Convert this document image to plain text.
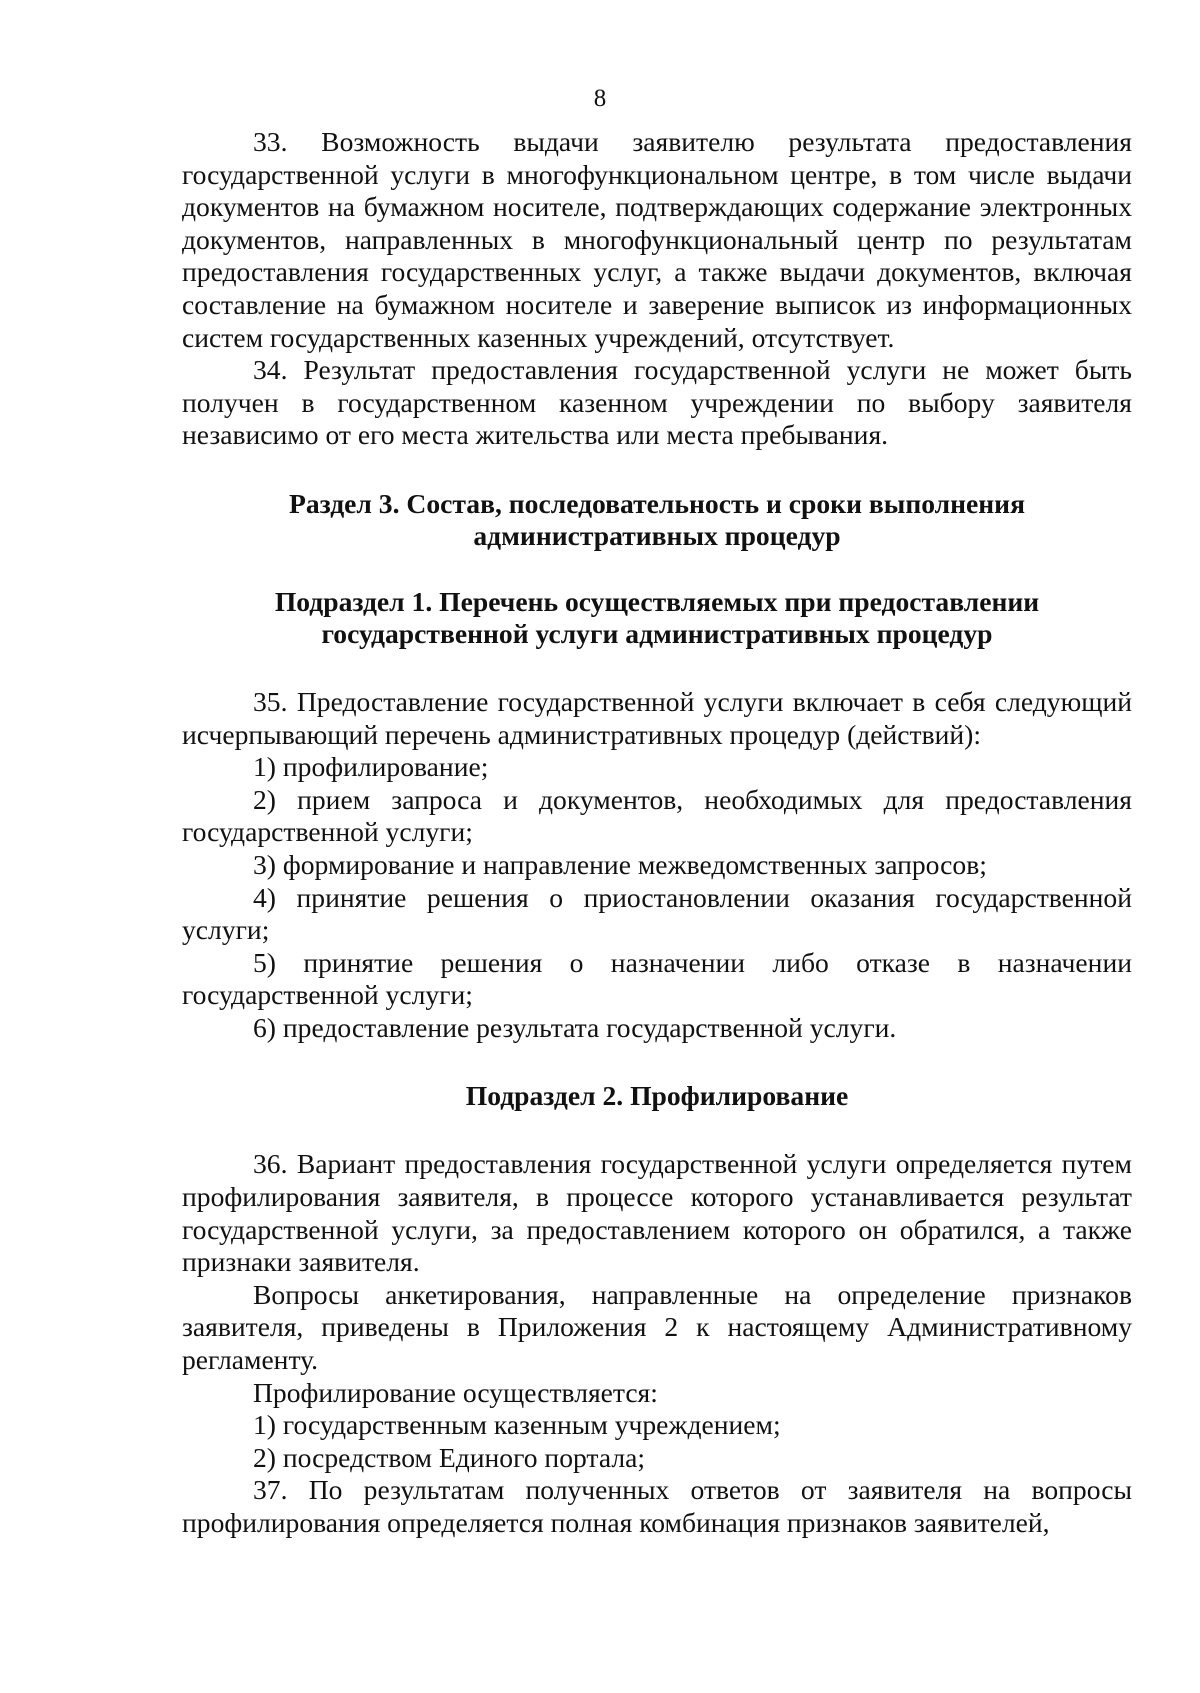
8

33. Возможность выдачи заявителю результата предоставления государственной услуги в многофункциональном центре, в том числе выдачи документов на бумажном носителе, подтверждающих содержание электронных документов, направленных в многофункциональный центр по результатам предоставления государственных услуг, а также выдачи документов, включая составление на бумажном носителе и заверение выписок из информационных систем государственных казенных учреждений, отсутствует.

34. Результат предоставления государственной услуги не может быть получен в государственном казенном учреждении по выбору заявителя независимо от его места жительства или места пребывания.

Раздел 3. Состав, последовательность и сроки выполнения
административных процедур
Подраздел 1. Перечень осуществляемых при предоставлении
государственной услуги административных процедур

35. Предоставление государственной услуги включает в себя следующий исчерпывающий перечень административных процедур (действий):

1) профилирование;

2) прием запроса и документов, необходимых для предоставления государственной услуги;

3) формирование и направление межведомственных запросов;

4) принятие решения о приостановлении оказания государственной услуги;

5) принятие решения о назначении либо отказе в назначении государственной услуги;

6) предоставление результата государственной услуги.

Подраздел 2. Профилирование

36. Вариант предоставления государственной услуги определяется путем профилирования заявителя, в процессе которого устанавливается результат государственной услуги, за предоставлением которого он обратился, а также признаки заявителя.

Вопросы анкетирования, направленные на определение признаков заявителя, приведены в Приложения 2 к настоящему Административному регламенту.

Профилирование осуществляется:

1) государственным казенным учреждением;

2) посредством Единого портала;

37. По результатам полученных ответов от заявителя на вопросы профилирования определяется полная комбинация признаков заявителей,
